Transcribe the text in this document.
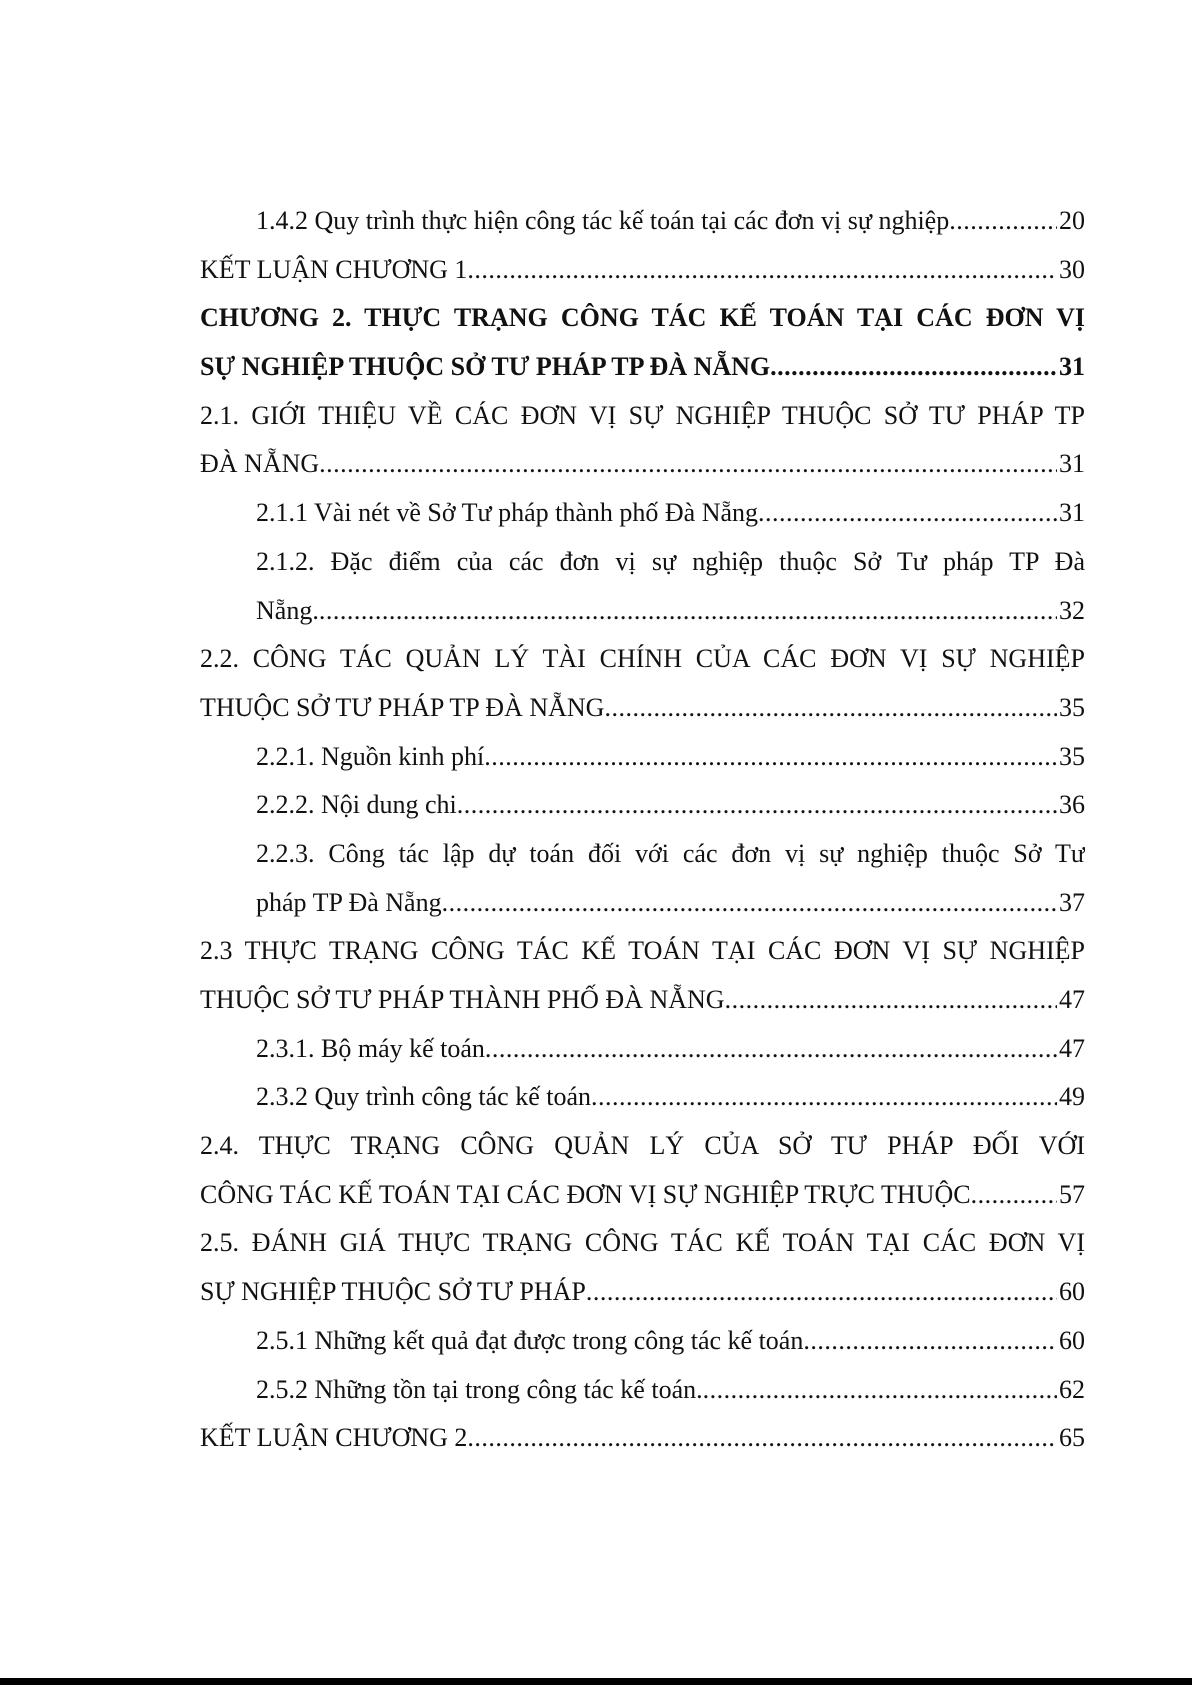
1.4.2 Quy trình thực hiện công tác kế toán tại các đơn vị sự nghiệp .....	20
KẾT LUẬN CHƯƠNG 1 .....	30
CHƯƠNG 2. THỰC TRẠNG CÔNG TÁC KẾ TOÁN TẠI CÁC ĐƠN VỊ
SỰ NGHIỆP THUỘC SỞ TƯ PHÁP TP ĐÀ NẴNG .....	31
2.1. GIỚI THIỆU VỀ CÁC ĐƠN VỊ SỰ NGHIỆP THUỘC SỞ TƯ PHÁP TP
ĐÀ NẴNG .....	31
2.1.1 Vài nét về Sở Tư pháp thành phố Đà Nẵng .....	31
2.1.2. Đặc điểm của các đơn vị sự nghiệp thuộc Sở Tư pháp TP Đà
Nẵng. .....	32
2.2. CÔNG TÁC QUẢN LÝ TÀI CHÍNH CỦA CÁC ĐƠN VỊ SỰ NGHIỆP
THUỘC SỞ TƯ PHÁP TP ĐÀ NẴNG .....	35
2.2.1. Nguồn kinh phí .....	35
2.2.2. Nội dung chi .....	36
2.2.3. Công tác lập dự toán đối với các đơn vị sự nghiệp thuộc Sở Tư
pháp TP Đà Nẵng .....	37
2.3 THỰC TRẠNG CÔNG TÁC KẾ TOÁN TẠI CÁC ĐƠN VỊ SỰ NGHIỆP
THUỘC SỞ TƯ PHÁP THÀNH PHỐ ĐÀ NẴNG .....	47
2.3.1. Bộ máy kế toán .....	47
2.3.2 Quy trình công tác kế toán .....	49
2.4. THỰC TRẠNG CÔNG QUẢN LÝ CỦA SỞ TƯ PHÁP ĐỐI VỚI
CÔNG TÁC KẾ TOÁN TẠI CÁC ĐƠN VỊ SỰ NGHIỆP TRỰC THUỘC .....	57
2.5. ĐÁNH GIÁ THỰC TRẠNG CÔNG TÁC KẾ TOÁN TẠI CÁC ĐƠN VỊ
SỰ NGHIỆP THUỘC SỞ TƯ PHÁP .....	60
2.5.1 Những kết quả đạt được trong công tác kế toán .....	60
2.5.2 Những tồn tại trong công tác kế toán. .....	62
KẾT LUẬN CHƯƠNG 2 .....	65
